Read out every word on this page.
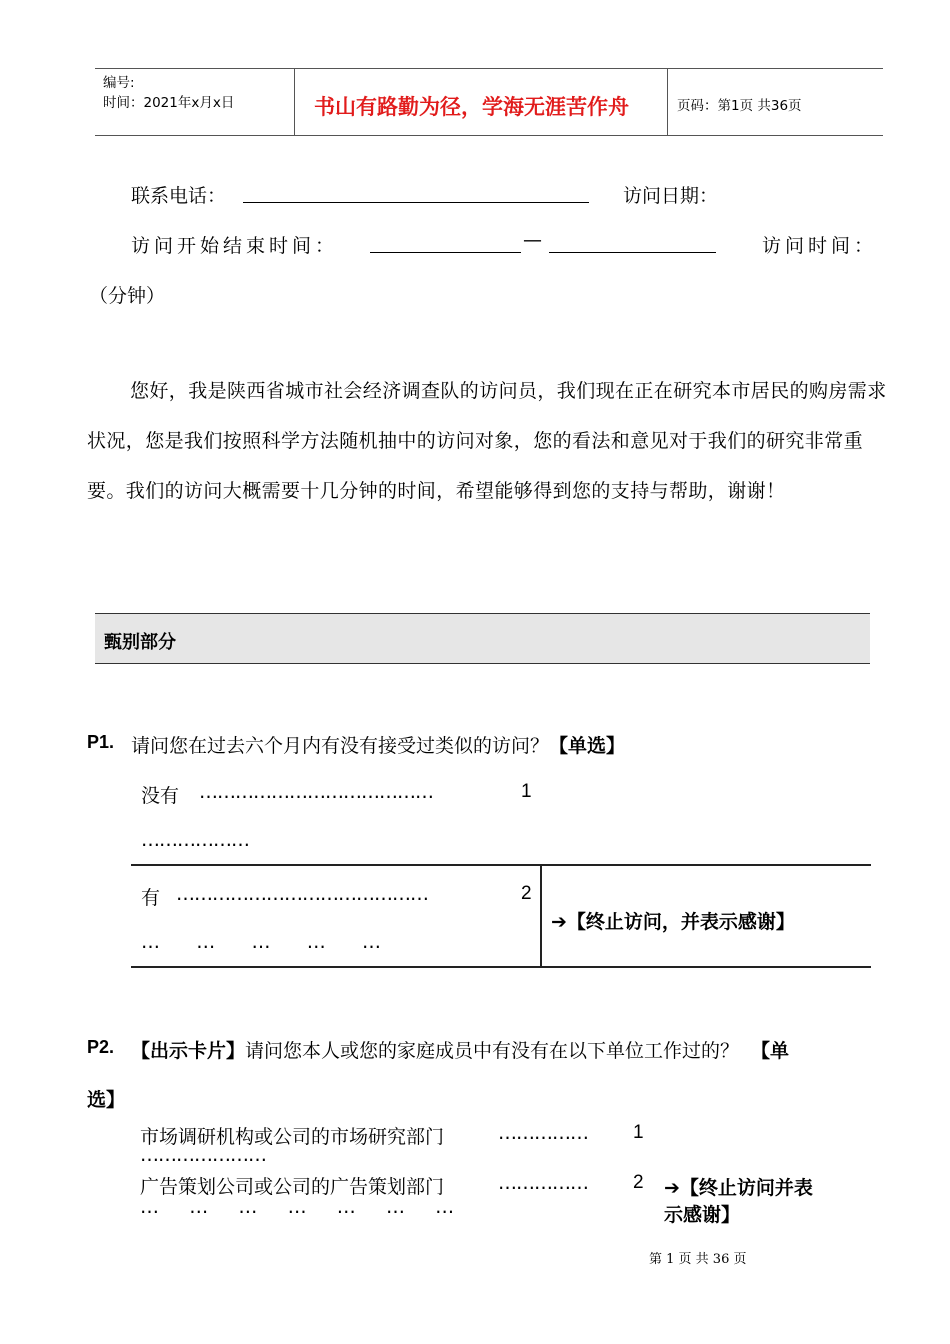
编号:
时间：2021年x月x日	书山有路勤为径，学海无涯苦作舟	页码：第1页 共36页
联系电话：	访问日期：
访问开始结束时间：	—	访问时间：
（分钟）
您好，我是陕西省城市社会经济调查队的访问员，我们现在正在研究本市居民的购房需求状况，您是我们按照科学方法随机抽中的访问对象，您的看法和意见对于我们的研究非常重要。我们的访问大概需要十几分钟的时间，希望能够得到您的支持与帮助，谢谢！
甄别部分
P1. 请问您在过去六个月内有没有接受过类似的访问？【单选】
没有 …………………………………	1
………………
有 ……………………………………	2
…      …      …      …      …
➔【终止访问，并表示感谢】
P2. 【出示卡片】请问您本人或您的家庭成员中有没有在以下单位工作过的？ 【单
选】
市场调研机构或公司的市场研究部门	…………… 1
…………………
广告策划公司或公司的广告策划部门	…………… 2
…     …     …     …     …     …     …
➔【终止访问并表
示感谢】
第 1 页 共 36 页
